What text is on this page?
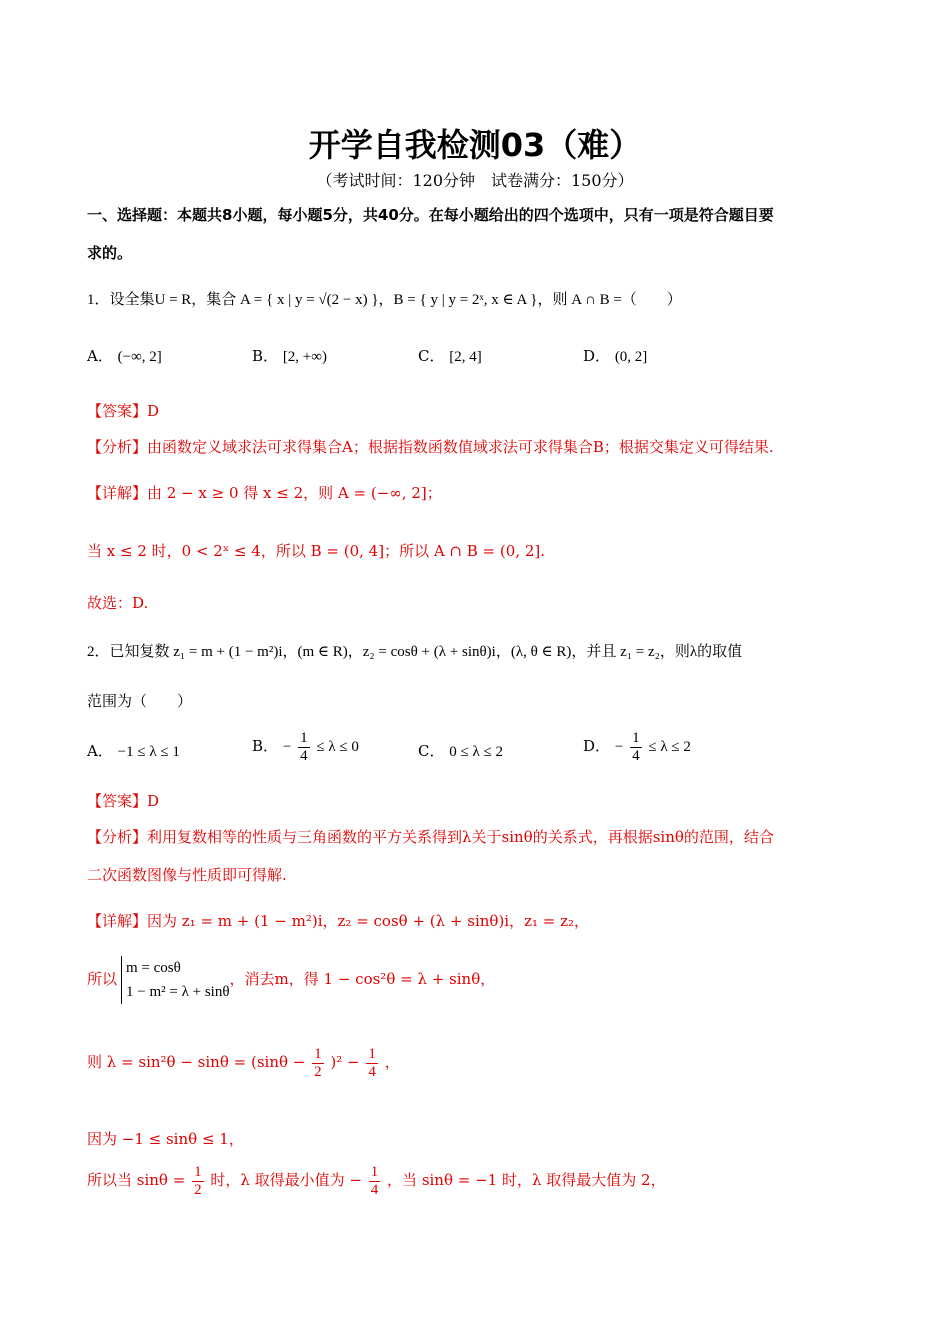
开学自我检测03（难）
（考试时间：120分钟　试卷满分：150分）
一、选择题：本题共8小题，每小题5分，共40分。在每小题给出的四个选项中，只有一项是符合题目要
求的。
1．设全集U = R，集合 A = { x | y = √(2 − x) }，B = { y | y = 2ˣ, x ∈ A }，则 A ∩ B =（　　）
A． (−∞, 2]	B． [2, +∞)	C． [2, 4]	D． (0, 2]
【答案】D
【分析】由函数定义域求法可求得集合A；根据指数函数值域求法可求得集合B；根据交集定义可得结果.
【详解】由 2 − x ≥ 0 得 x ≤ 2，则 A = (−∞, 2]；
当 x ≤ 2 时，0 < 2ˣ ≤ 4，所以 B = (0, 4]；所以 A ∩ B = (0, 2].
故选：D.
2．已知复数 z₁ = m + (1 − m²)i，(m ∈ R)，z₂ = cosθ + (λ + sinθ)i，(λ, θ ∈ R)，并且 z₁ = z₂，则λ的取值
范围为（　　）
A． −1 ≤ λ ≤ 1	B． − $\frac{1}{4} \le \lambda \le 0$	C． 0 ≤ λ ≤ 2	D． − $\frac{1}{4} \le \lambda \le 2$
【答案】D
【分析】利用复数相等的性质与三角函数的平方关系得到λ关于sinθ的关系式，再根据sinθ的范围，结合
二次函数图像与性质即可得解.
【详解】因为 z₁ = m + (1 − m²)i，z₂ = cosθ + (λ + sinθ)i，z₁ = z₂，
所以
m = cosθ
1 − m² = λ + sinθ
，消去m，得 1 − cos²θ = λ + sinθ，
则 $\lambda = \sin^2\theta - \sin\theta = (\sin\theta - \frac{1}{2} )^2 - \frac{1}{4}$ ，
因为 −1 ≤ sinθ ≤ 1，
所以当 $\sin\theta = \frac{1}{2}$ 时，λ 取得最小值为 − $\frac{1}{4}$ ，当 sinθ = −1 时，λ 取得最大值为 2，
